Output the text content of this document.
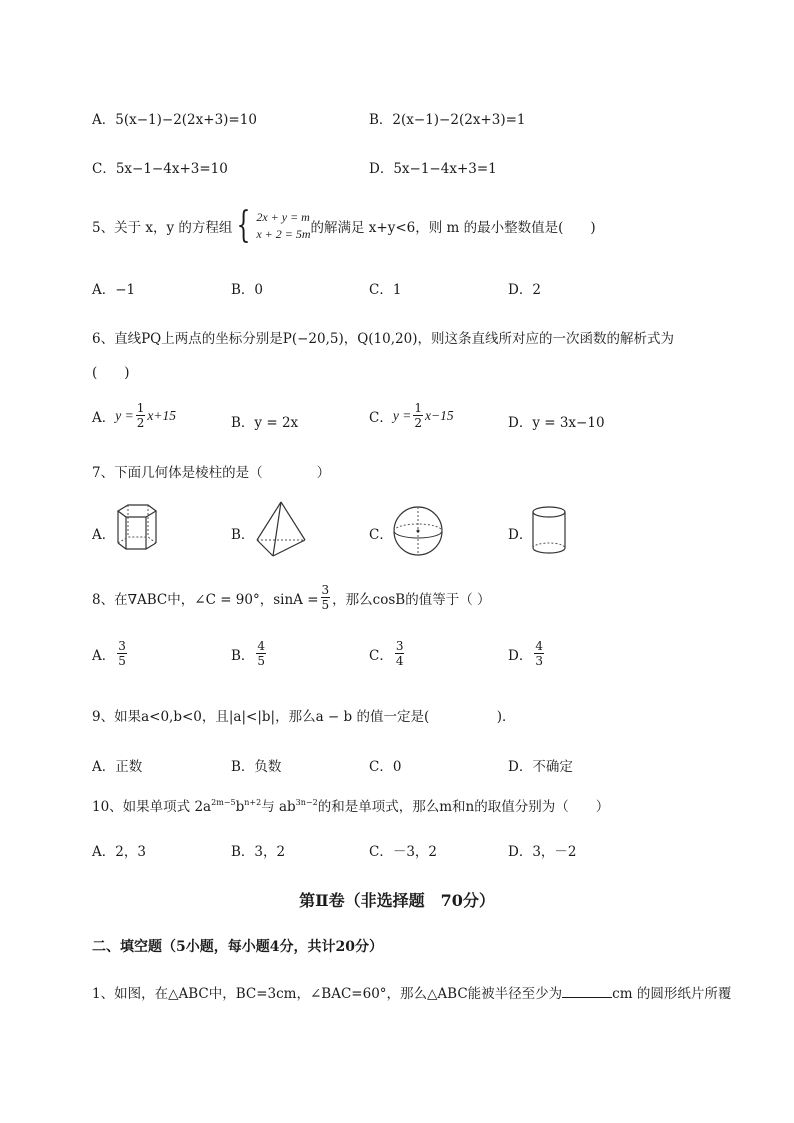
A．5(x−1)−2(2x+3)=10	B．2(x−1)−2(2x+3)=1
C．5x−1−4x+3=10	D．5x−1−4x+3=1
5、关于 x，y 的方程组 { 2x + y = m
x + 2 = 5m 的解满足 x+y<6，则 m 的最小整数值是(　　)
A．−1	B．0	C．1	D．2
6、直线PQ上两点的坐标分别是P(−20,5)，Q(10,20)，则这条直线所对应的一次函数的解析式为
(　　)
A． $y = \frac{1}{2} x+15$	B．y = 2x	C． $y = \frac{1}{2} x-15$	D．y = 3x−10
7、下面几何体是棱柱的是（　　　　）
A．	B．	C．	D．
8、在∇ABC中，∠C = 90°，$\sin A = \frac{3}{5}$ ，那么cosB的值等于（ ）
A． $\frac{3}{5}$	B． $\frac{4}{5}$	C． $\frac{3}{4}$	D． $\frac{4}{3}$
9、如果a<0,b<0，且|a|<|b|，那么a − b 的值一定是(　　　　　)．
A．正数	B．负数	C．0	D．不确定
10、如果单项式 $2a^{2m-5}b^{n+2}$与 $ab^{3n-2}$的和是单项式，那么m和n的取值分别为（　　）
A．2，3	B．3，2	C．－3，2	D．3，－2
第Ⅱ卷（非选择题　70分）
二、填空题（5小题，每小题4分，共计20分）
1、如图，在△ABC中，BC=3cm，∠BAC=60°，那么△ABC能被半径至少为	cm 的圆形纸片所覆
